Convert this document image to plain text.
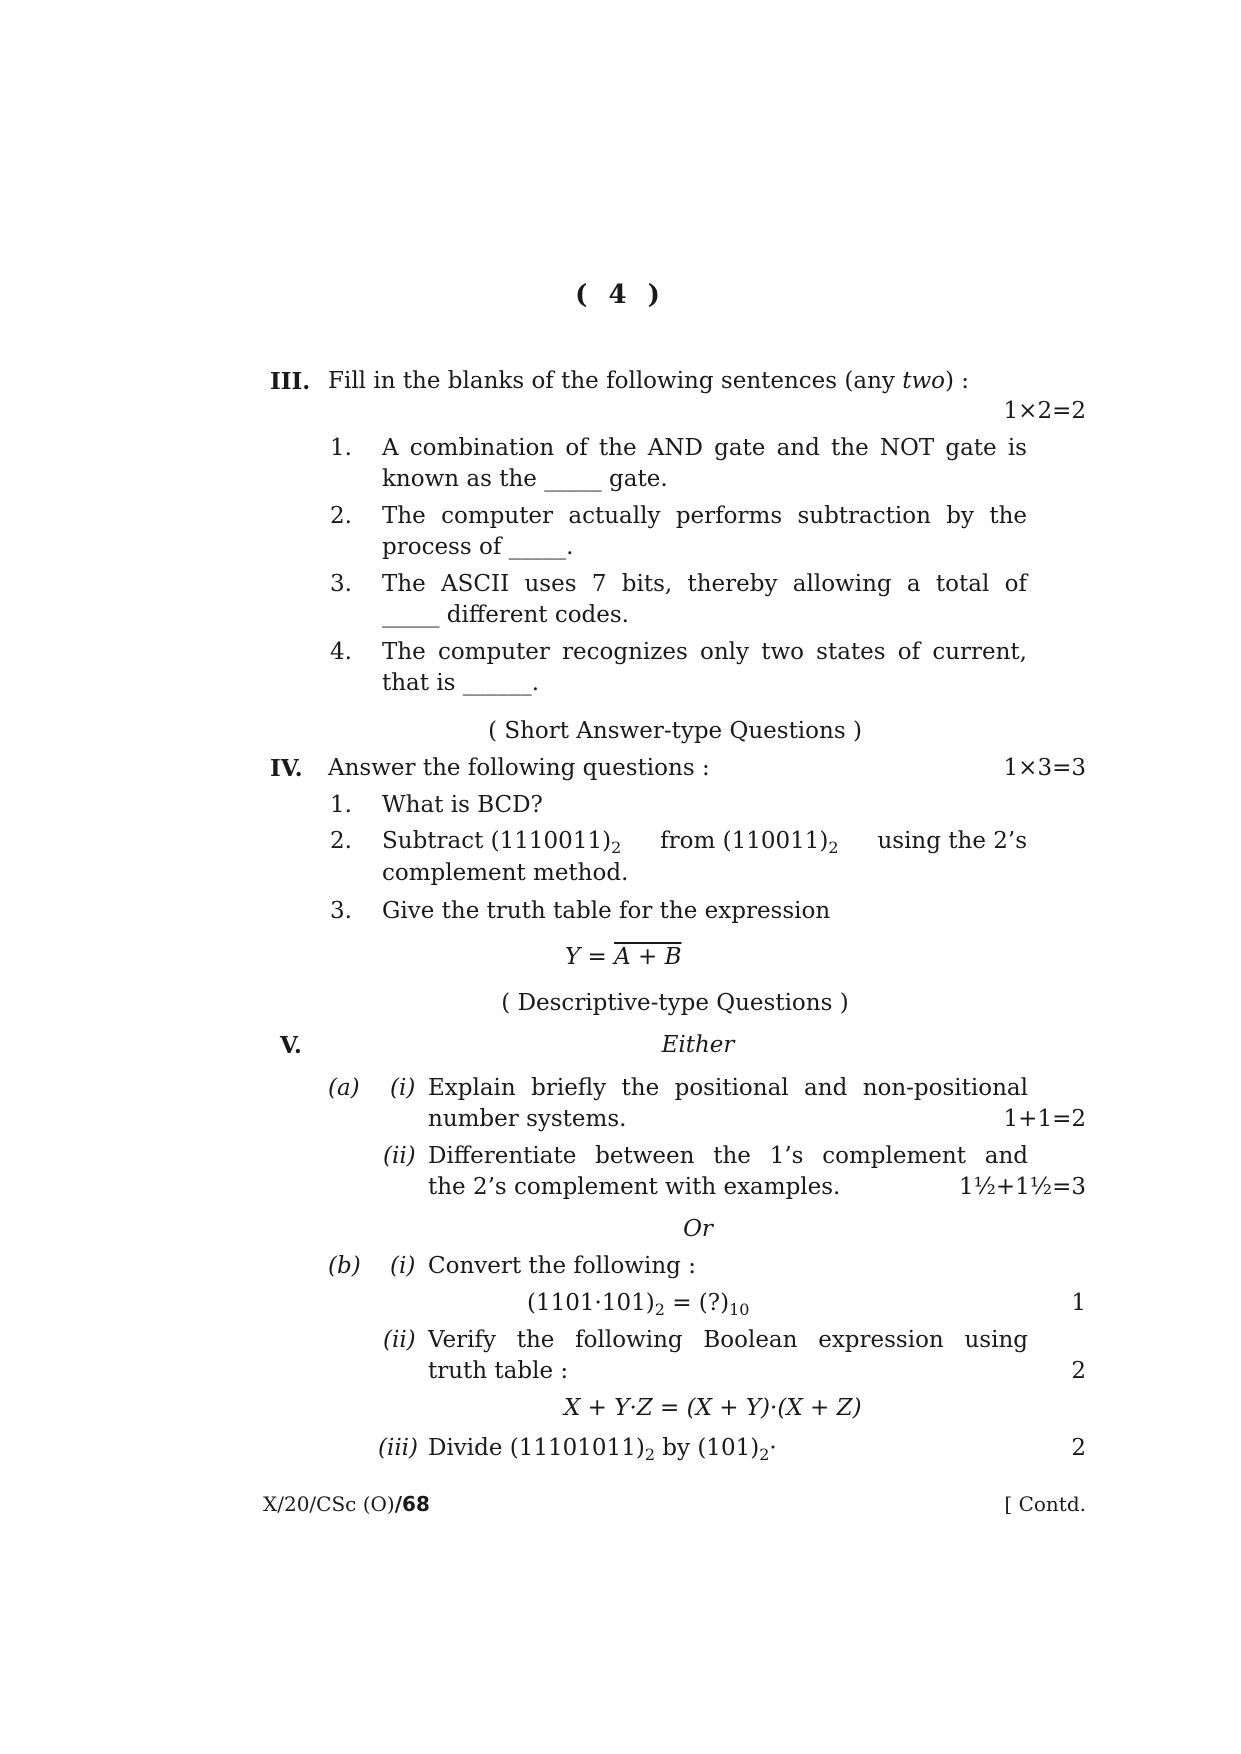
( 4 )
III. Fill in the blanks of the following sentences (any two) :
1×2=2
1. A combination of the AND gate and the NOT gate is
known as the _____ gate.
2. The computer actually performs subtraction by the
process of _____.
3. The ASCII uses 7 bits, thereby allowing a total of
_____ different codes.
4. The computer recognizes only two states of current,
that is ______.
( Short Answer-type Questions )
IV. Answer the following questions :	1×3=3
1. What is BCD?
2. Subtract $(1110011)_2$ from $(110011)_2$ using the 2’s
complement method.
3. Give the truth table for the expression
Y = A + B
( Descriptive-type Questions )
V.	Either
(a) (i) Explain briefly the positional and non-positional
number systems.	1+1=2
(ii) Differentiate between the 1’s complement and
the 2’s complement with examples.	1½+1½=3
Or
(b) (i) Convert the following :
$(1101\cdot 101)_2$ = $(?)_{10}$	1
(ii) Verify the following Boolean expression using
truth table :	2
X + Y·Z = (X + Y)·(X + Z)
(iii) Divide $(11101011)_2$ by $(101)_2\cdot$	2
X/20/CSc (O)/68	[ Contd.
